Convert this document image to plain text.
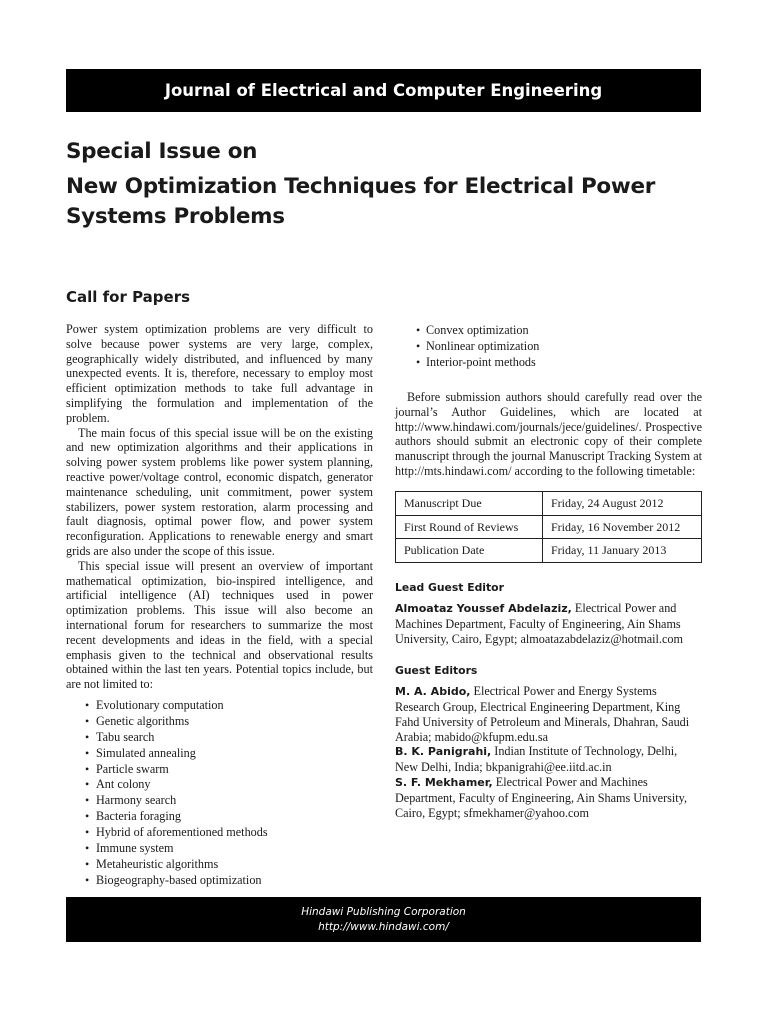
Journal of Electrical and Computer Engineering
Special Issue on
New Optimization Techniques for Electrical Power
Systems Problems
Call for Papers

Power system optimization problems are very difficult to solve because power systems are very large, complex, geographically widely distributed, and influenced by many unexpected events. It is, therefore, necessary to employ most efficient optimization methods to take full advantage in simplifying the formulation and implementation of the problem.

The main focus of this special issue will be on the existing and new optimization algorithms and their applications in solving power system problems like power system planning, reactive power/voltage control, economic dispatch, generator maintenance scheduling, unit commitment, power system stabilizers, power system restoration, alarm processing and fault diagnosis, optimal power flow, and power system reconfiguration. Applications to renewable energy and smart grids are also under the scope of this issue.

This special issue will present an overview of important mathematical optimization, bio-inspired intelligence, and artificial intelligence (AI) techniques used in power optimization problems. This issue will also become an international forum for researchers to summarize the most recent developments and ideas in the field, with a special emphasis given to the technical and observational results obtained within the last ten years. Potential topics include, but are not limited to:

• Evolutionary computation
• Genetic algorithms
• Tabu search
• Simulated annealing
• Particle swarm
• Ant colony
• Harmony search
• Bacteria foraging
• Hybrid of aforementioned methods
• Immune system
• Metaheuristic algorithms
• Biogeography-based optimization
• Convex optimization
• Nonlinear optimization
• Interior-point methods

Before submission authors should carefully read over the journal’s Author Guidelines, which are located at http://www.hindawi.com/journals/jece/guidelines/. Prospective authors should submit an electronic copy of their complete manuscript through the journal Manuscript Tracking System at http://mts.hindawi.com/ according to the following timetable:

Manuscript Due	Friday, 24 August 2012
First Round of Reviews	Friday, 16 November 2012
Publication Date	Friday, 11 January 2013
Lead Guest Editor

Almoataz Youssef Abdelaziz, Electrical Power and Machines Department, Faculty of Engineering, Ain Shams University, Cairo, Egypt; almoatazabdelaziz@hotmail.com

Guest Editors

M. A. Abido, Electrical Power and Energy Systems Research Group, Electrical Engineering Department, King Fahd University of Petroleum and Minerals, Dhahran, Saudi Arabia; mabido@kfupm.edu.sa

B. K. Panigrahi, Indian Institute of Technology, Delhi, New Delhi, India; bkpanigrahi@ee.iitd.ac.in

S. F. Mekhamer, Electrical Power and Machines Department, Faculty of Engineering, Ain Shams University, Cairo, Egypt; sfmekhamer@yahoo.com

Hindawi Publishing Corporation
http://www.hindawi.com/
